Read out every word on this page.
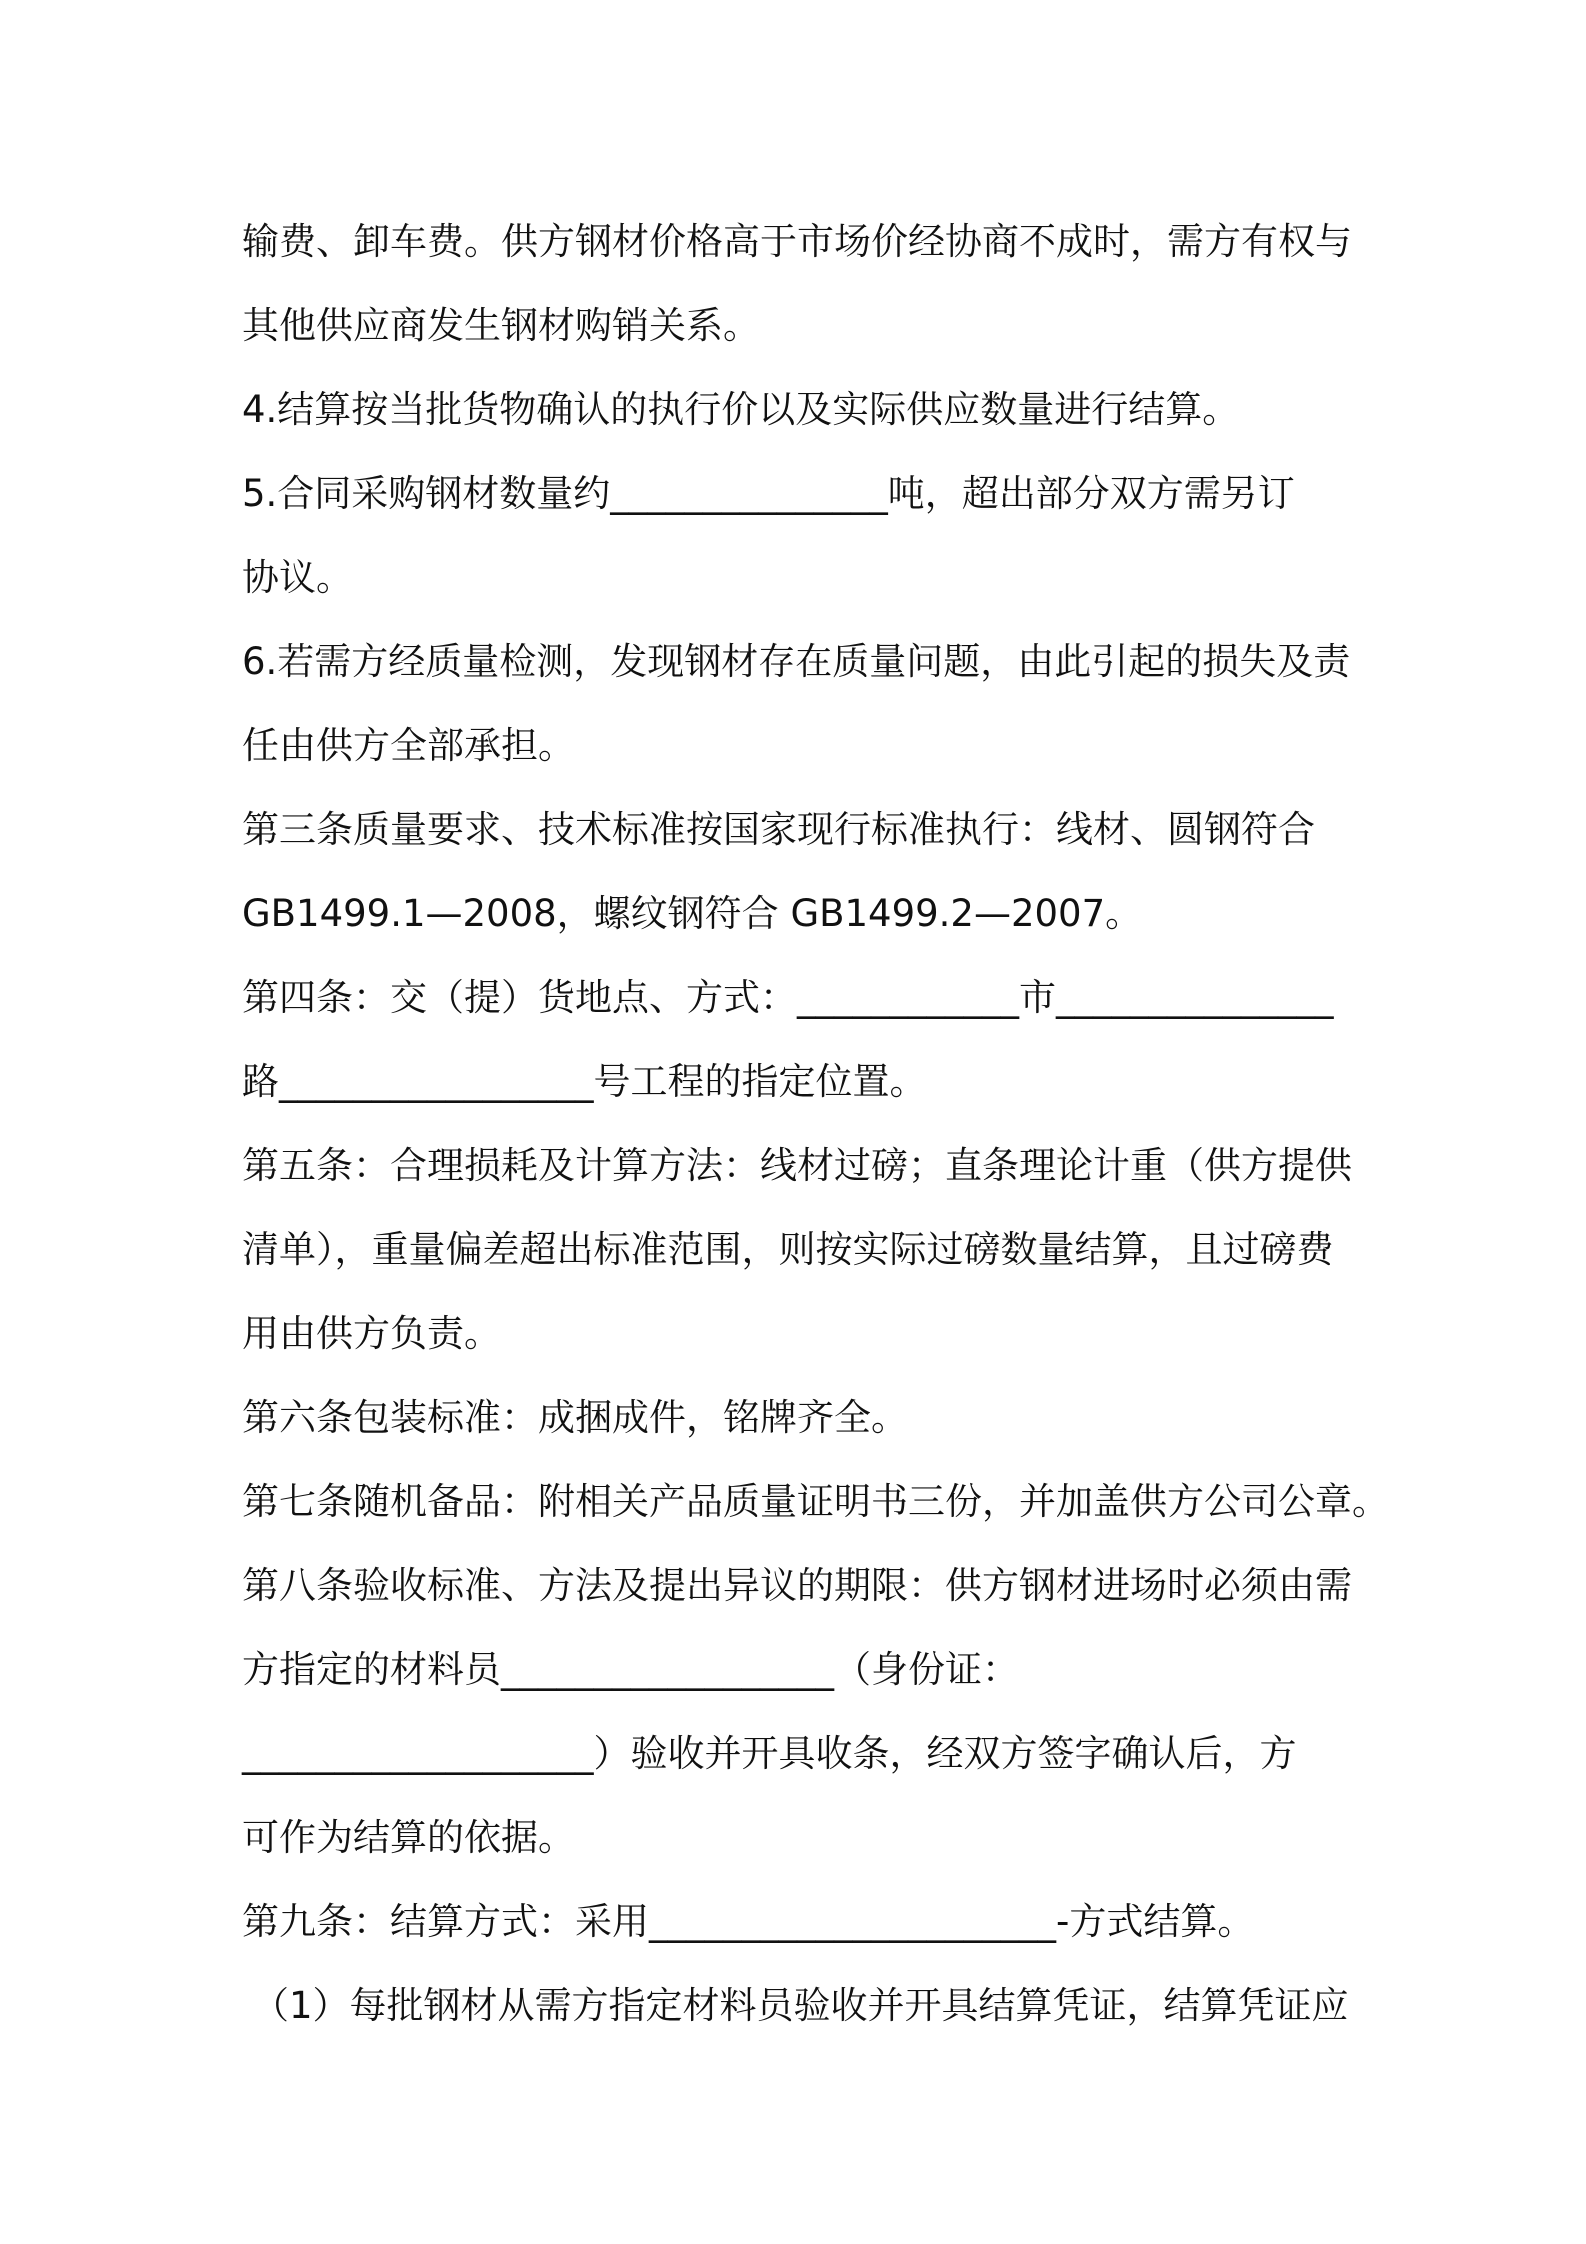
输费、卸车费。供方钢材价格高于市场价经协商不成时，需方有权与
其他供应商发生钢材购销关系。
4.结算按当批货物确认的执行价以及实际供应数量进行结算。
5.合同采购钢材数量约_______________吨，超出部分双方需另订
协议。
6.若需方经质量检测，发现钢材存在质量问题，由此引起的损失及责
任由供方全部承担。
第三条质量要求、技术标准按国家现行标准执行：线材、圆钢符合
GB1499.1—2008，螺纹钢符合 GB1499.2—2007。
第四条：交（提）货地点、方式：____________市_______________
路_________________号工程的指定位置。
第五条：合理损耗及计算方法：线材过磅；直条理论计重（供方提供
清单），重量偏差超出标准范围，则按实际过磅数量结算，且过磅费
用由供方负责。
第六条包装标准：成捆成件，铭牌齐全。
第七条随机备品：附相关产品质量证明书三份，并加盖供方公司公章。
第八条验收标准、方法及提出异议的期限：供方钢材进场时必须由需
方指定的材料员__________________（身份证：
___________________）验收并开具收条，经双方签字确认后，方
可作为结算的依据。
第九条：结算方式：采用______________________-方式结算。
（1）每批钢材从需方指定材料员验收并开具结算凭证，结算凭证应
